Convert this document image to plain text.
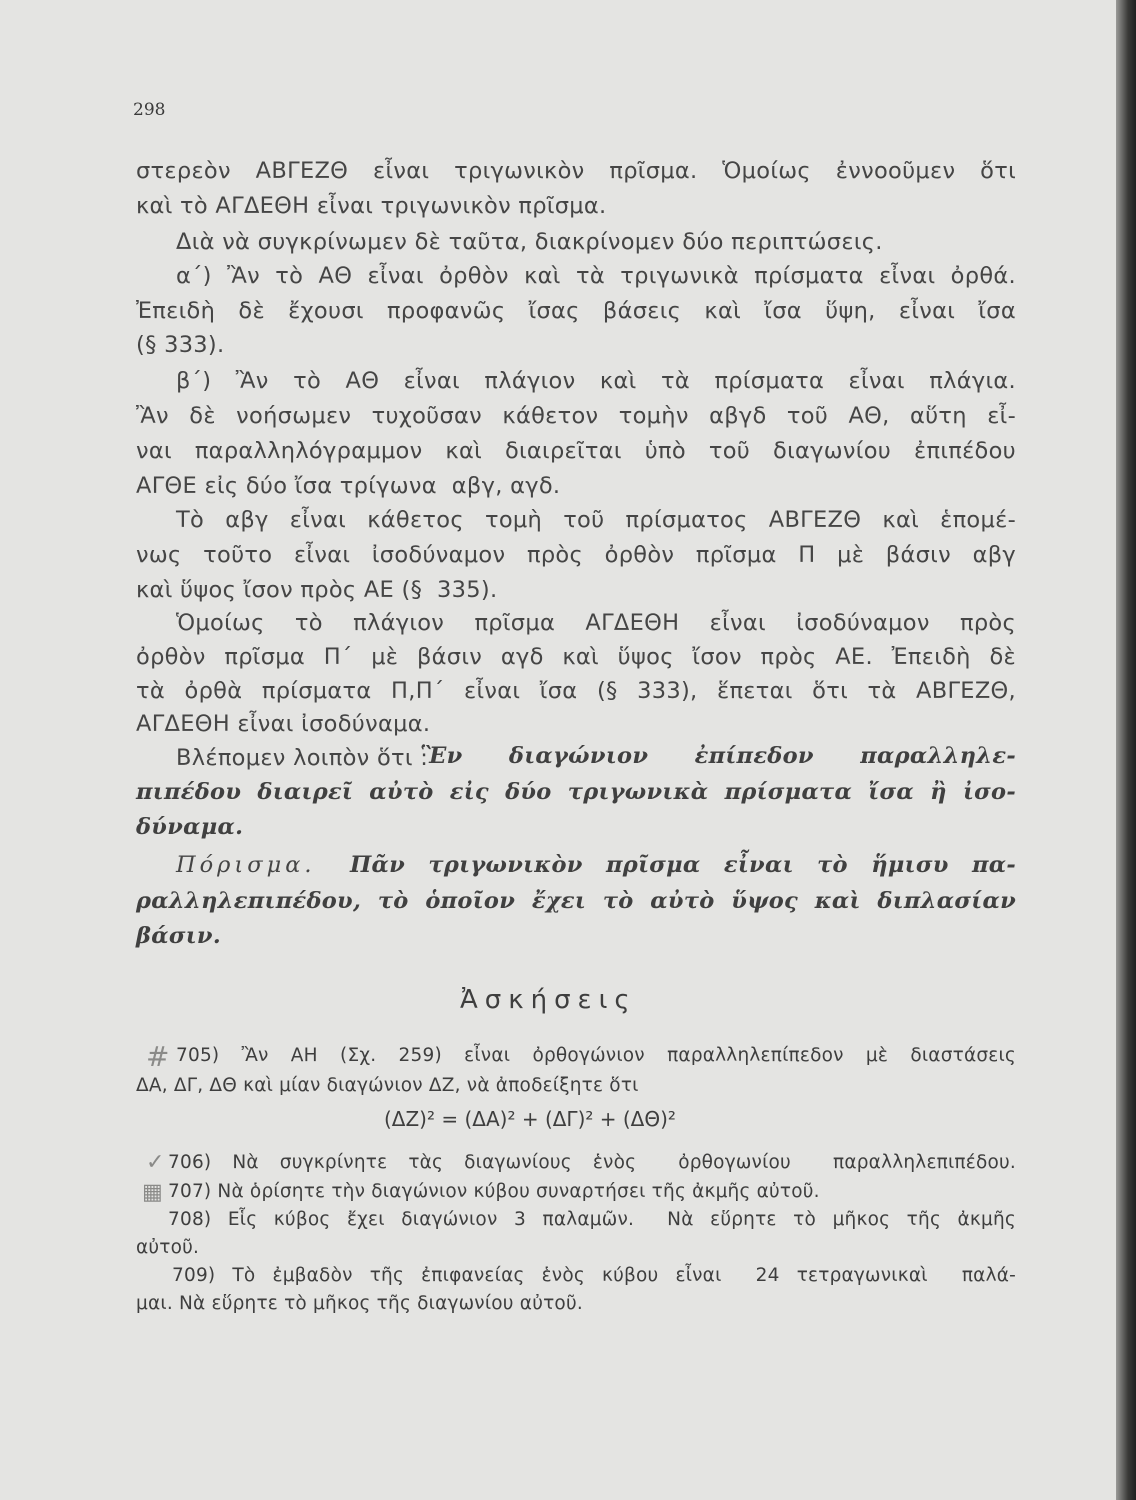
298
στερεὸν ΑΒΓΕΖΘ εἶναι τριγωνικὸν πρῖσμα. Ὁμοίως ἐννοοῦμεν ὅτι
καὶ τὸ ΑΓΔΕΘΗ εἶναι τριγωνικὸν πρῖσμα.
Διὰ νὰ συγκρίνωμεν δὲ ταῦτα, διακρίνομεν δύο περιπτώσεις.
α΄) Ἂν τὸ ΑΘ εἶναι ὀρθὸν καὶ τὰ τριγωνικὰ πρίσματα εἶναι ὀρθά.
Ἐπειδὴ δὲ ἔχουσι προφανῶς ἴσας βάσεις καὶ ἴσα ὕψη, εἶναι ἴσα
(§ 333).
β΄) Ἂν τὸ ΑΘ εἶναι πλάγιον καὶ τὰ πρίσματα εἶναι πλάγια.
Ἂν δὲ νοήσωμεν τυχοῦσαν κάθετον τομὴν αβγδ τοῦ ΑΘ, αὕτη εἶ-
ναι παραλληλόγραμμον καὶ διαιρεῖται ὑπὸ τοῦ διαγωνίου ἐπιπέδου
ΑΓΘΕ εἰς δύο ἴσα τρίγωνα  αβγ, αγδ.
Τὸ αβγ εἶναι κάθετος τομὴ τοῦ πρίσματος ΑΒΓΕΖΘ καὶ ἑπομέ-
νως τοῦτο εἶναι ἰσοδύναμον πρὸς ὀρθὸν πρῖσμα Π μὲ βάσιν αβγ
καὶ ὕψος ἴσον πρὸς ΑΕ (§  335).
Ὁμοίως τὸ πλάγιον πρῖσμα ΑΓΔΕΘΗ εἶναι ἰσοδύναμον πρὸς
ὀρθὸν πρῖσμα Π΄ μὲ βάσιν αγδ καὶ ὕψος ἴσον πρὸς ΑΕ. Ἐπειδὴ δὲ
τὰ ὀρθὰ πρίσματα Π,Π΄ εἶναι ἴσα (§ 333), ἕπεται ὅτι τὰ ΑΒΓΕΖΘ,
ΑΓΔΕΘΗ εἶναι ἰσοδύναμα.
Βλέπομεν λοιπὸν ὅτι :
Ἓν διαγώνιον ἐπίπεδον παραλληλε-
πιπέδου διαιρεῖ αὐτὸ εἰς δύο τριγωνικὰ πρίσματα ἴσα ἢ ἰσο-
δύναμα.
Πόρισμα. Πᾶν τριγωνικὸν πρῖσμα εἶναι τὸ ἥμισυ πα-
ραλληλεπιπέδου, τὸ ὁποῖον ἔχει τὸ αὐτὸ ὕψος καὶ διπλασίαν
βάσιν.
Ἀσκήσεις
# 705) Ἂν ΑΗ (Σχ. 259) εἶναι ὀρθογώνιον παραλληλεπίπεδον μὲ διαστάσεις
ΔΑ, ΔΓ, ΔΘ καὶ μίαν διαγώνιον ΔΖ, νὰ ἀποδείξητε ὅτι
(ΔΖ)² = (ΔΑ)² + (ΔΓ)² + (ΔΘ)²
✓
▦
706) Νὰ συγκρίνητε τὰς διαγωνίους ἑνὸς  ὀρθογωνίου  παραλληλεπιπέδου.
707) Νὰ ὁρίσητε τὴν διαγώνιον κύβου συναρτήσει τῆς ἀκμῆς αὐτοῦ.
708) Εἷς κύβος ἔχει διαγώνιον 3 παλαμῶν.  Νὰ εὕρητε τὸ μῆκος τῆς ἀκμῆς
αὐτοῦ.
709) Τὸ ἐμβαδὸν τῆς ἐπιφανείας ἑνὸς κύβου εἶναι  24 τετραγωνικαὶ  παλά-
μαι. Νὰ εὕρητε τὸ μῆκος τῆς διαγωνίου αὐτοῦ.
